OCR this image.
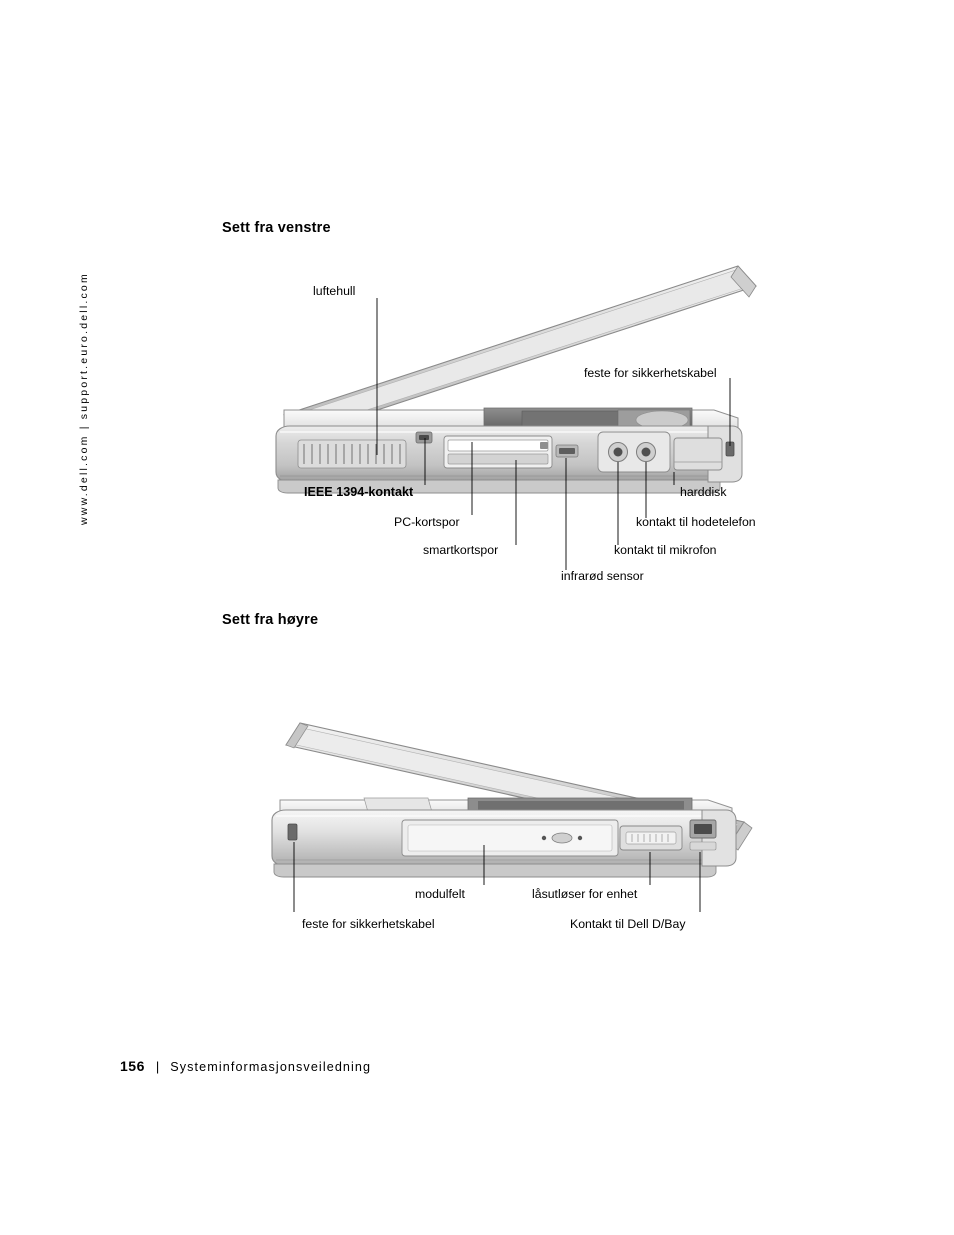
www.dell.com | support.euro.dell.com
Sett fra venstre
luftehull
feste for sikkerhetskabel
IEEE 1394-kontakt
PC-kortspor
smartkortspor
infrarød sensor
kontakt til mikrofon
kontakt til hodetelefon
harddisk
Sett fra høyre
modulfelt	låsutløser for enhet
feste for sikkerhetskabel	Kontakt til Dell D/Bay
156 | Systeminformasjonsveiledning
